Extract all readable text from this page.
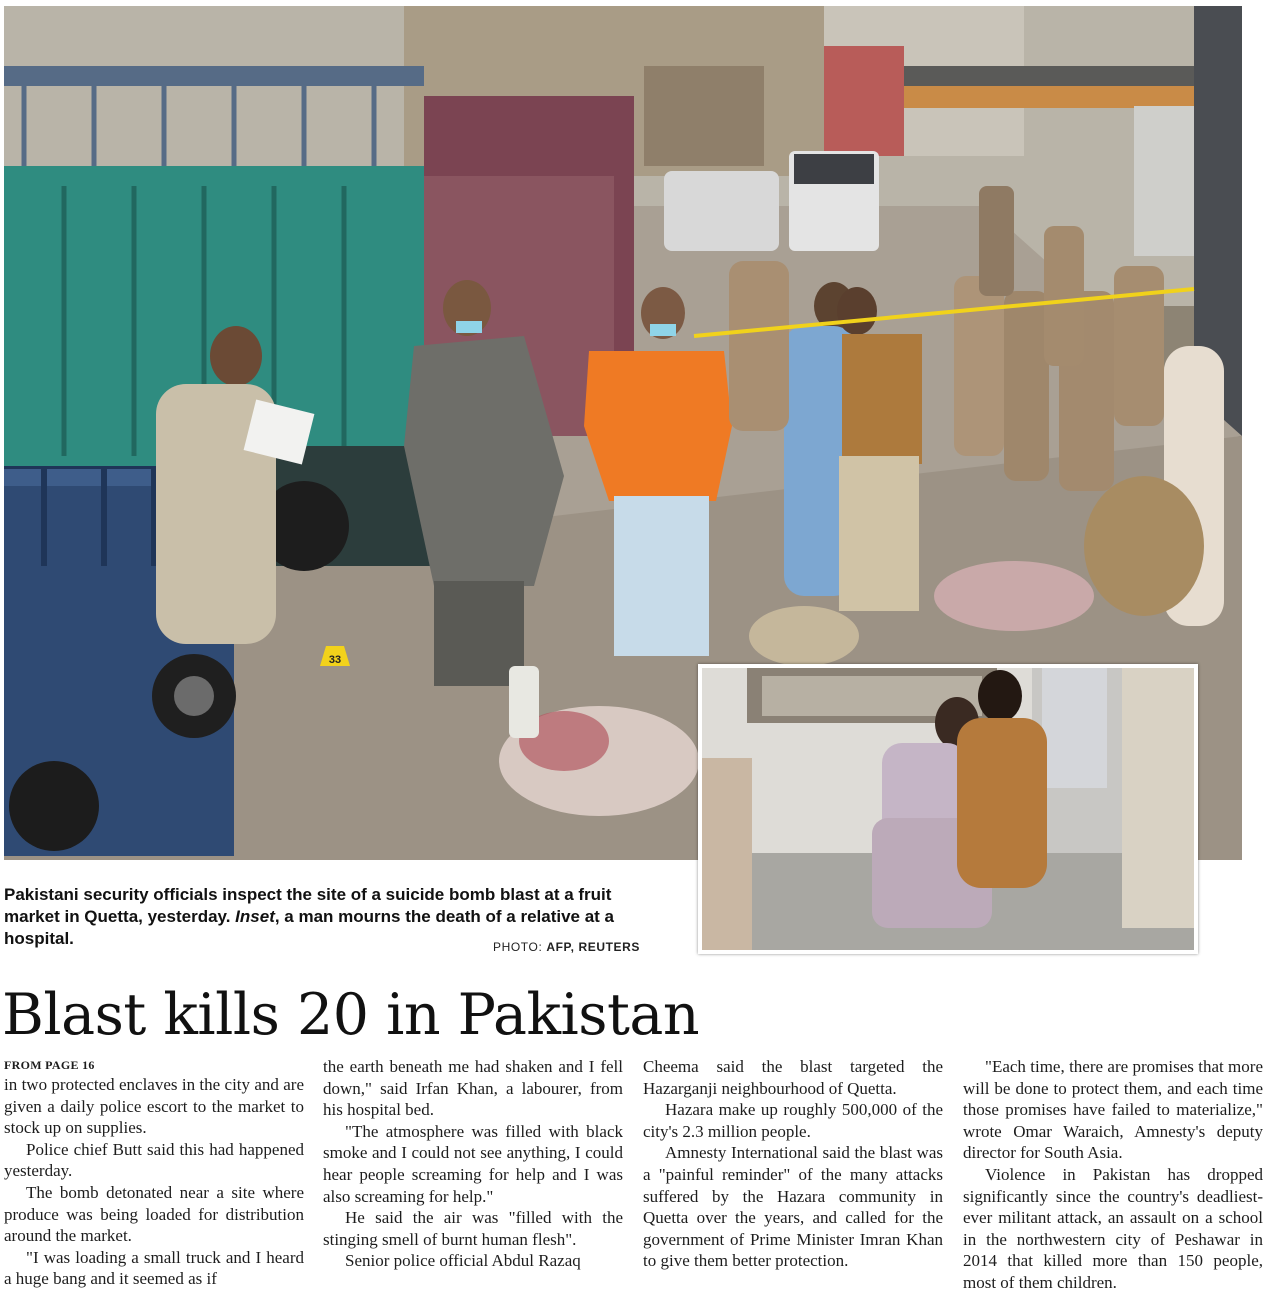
33
Pakistani security officials inspect the site of a suicide bomb blast at a fruit market in Quetta, yesterday. Inset, a man mourns the death of a relative at a hospital.	PHOTO: AFP, REUTERS
Blast kills 20 in Pakistan
FROM PAGE 16

in two protected enclaves in the city and are given a daily police escort to the market to stock up on supplies.

Police chief Butt said this had happened yesterday.

The bomb detonated near a site where produce was being loaded for distribution around the market.

"I was loading a small truck and I heard a huge bang and it seemed as if

the earth beneath me had shaken and I fell down," said Irfan Khan, a labourer, from his hospital bed.

"The atmosphere was filled with black smoke and I could not see anything, I could hear people screaming for help and I was also screaming for help."

He said the air was "filled with the stinging smell of burnt human flesh".

Senior police official Abdul Razaq

Cheema said the blast targeted the Hazarganji neighbourhood of Quetta.

Hazara make up roughly 500,000 of the city's 2.3 million people.

Amnesty International said the blast was a "painful reminder" of the many attacks suffered by the Hazara community in Quetta over the years, and called for the government of Prime Minister Imran Khan to give them better protection.

"Each time, there are promises that more will be done to protect them, and each time those promises have failed to materialize," wrote Omar Waraich, Amnesty's deputy director for South Asia.

Violence in Pakistan has dropped significantly since the country's deadliest-ever militant attack, an assault on a school in the northwestern city of Peshawar in 2014 that killed more than 150 people, most of them children.
